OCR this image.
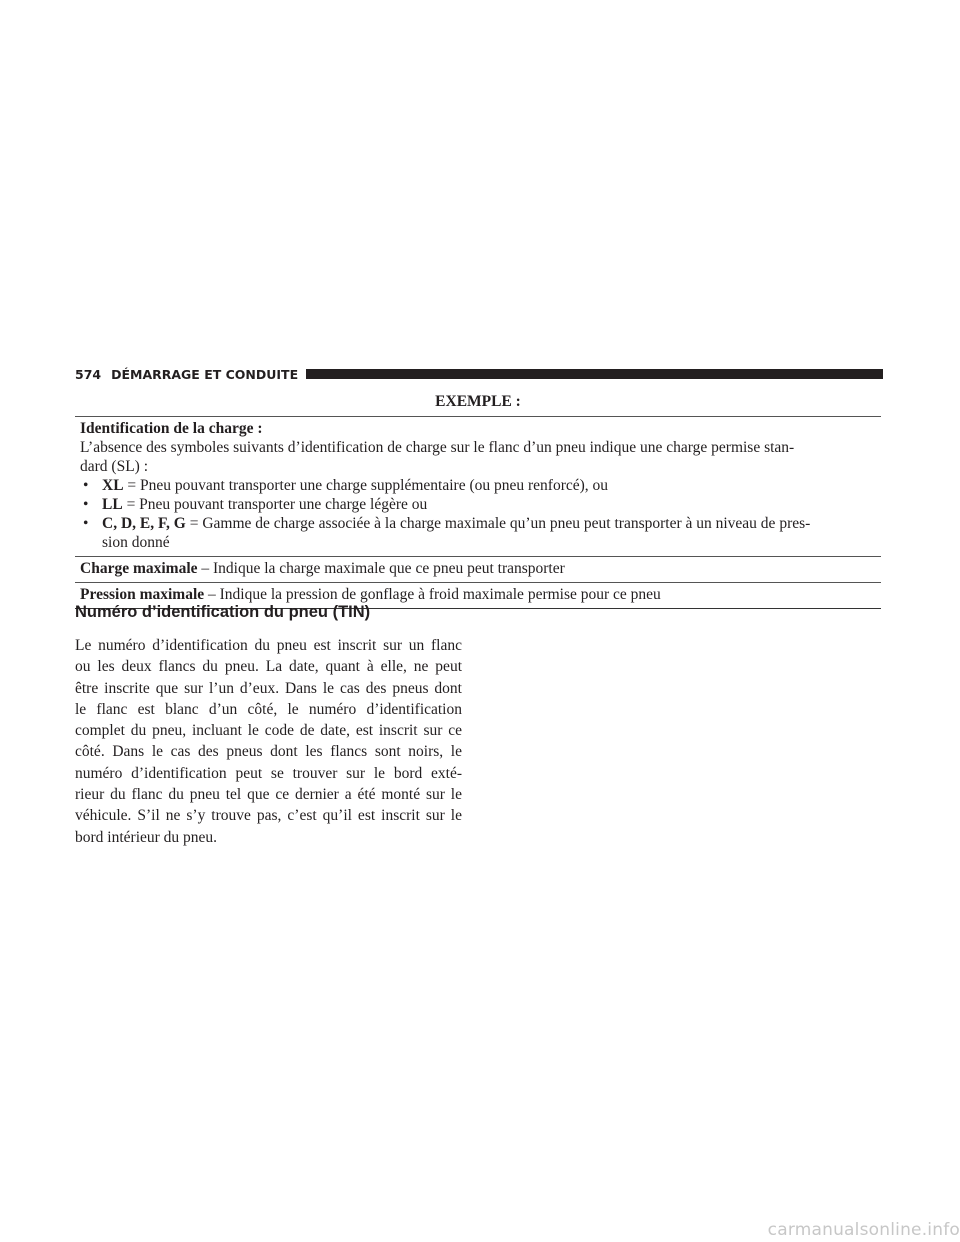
574 DÉMARRAGE ET CONDUITE
EXEMPLE :
Identification de la charge :
L’absence des symboles suivants d’identification de charge sur le flanc d’un pneu indique une charge permise stan-
dard (SL) :
• XL = Pneu pouvant transporter une charge supplémentaire (ou pneu renforcé), ou
• LL = Pneu pouvant transporter une charge légère ou
• C, D, E, F, G = Gamme de charge associée à la charge maximale qu’un pneu peut transporter à un niveau de pres-
sion donné
Charge maximale – Indique la charge maximale que ce pneu peut transporter
Pression maximale – Indique la pression de gonflage à froid maximale permise pour ce pneu
Numéro d’identification du pneu (TIN)
Le numéro d’identification du pneu est inscrit sur un flanc
ou les deux flancs du pneu. La date, quant à elle, ne peut
être inscrite que sur l’un d’eux. Dans le cas des pneus dont
le flanc est blanc d’un côté, le numéro d’identification
complet du pneu, incluant le code de date, est inscrit sur ce
côté. Dans le cas des pneus dont les flancs sont noirs, le
numéro d’identification peut se trouver sur le bord exté-
rieur du flanc du pneu tel que ce dernier a été monté sur le
véhicule. S’il ne s’y trouve pas, c’est qu’il est inscrit sur le
bord intérieur du pneu.
carmanualsonline.info
